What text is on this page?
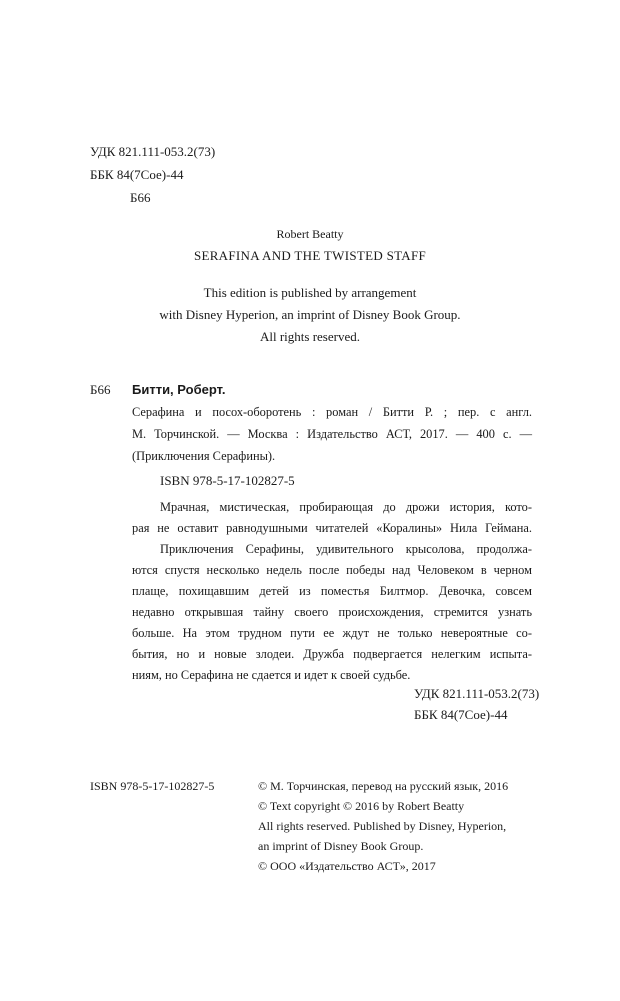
УДК 821.111-053.2(73)
ББК 84(7Сое)-44
Б66
Robert Beatty
SERAFINA AND THE TWISTED STAFF
This edition is published by arrangement
with Disney Hyperion, an imprint of Disney Book Group.
All rights reserved.
Б66 Битти, Роберт.
Серафина и посох-оборотень : роман / Битти Р. ; пер. с англ.
М. Торчинской. — Москва : Издательство АСТ, 2017. — 400 с. —
(Приключения Серафины).
ISBN 978-5-17-102827-5
Мрачная, мистическая, пробирающая до дрожи история, кото-
рая не оставит равнодушными читателей «Коралины» Нила Геймана.
Приключения Серафины, удивительного крысолова, продолжа-
ются спустя несколько недель после победы над Человеком в черном
плаще, похищавшим детей из поместья Билтмор. Девочка, совсем
недавно открывшая тайну своего происхождения, стремится узнать
больше. На этом трудном пути ее ждут не только невероятные со-
бытия, но и новые злодеи. Дружба подвергается нелегким испыта-
ниям, но Серафина не сдается и идет к своей судьбе.
УДК 821.111-053.2(73)
ББК 84(7Сое)-44
ISBN 978-5-17-102827-5	© М. Торчинская, перевод на русский язык, 2016
© Text copyright © 2016 by Robert Beatty
All rights reserved. Published by Disney, Hyperion,
an imprint of Disney Book Group.
© ООО «Издательство АСТ», 2017
